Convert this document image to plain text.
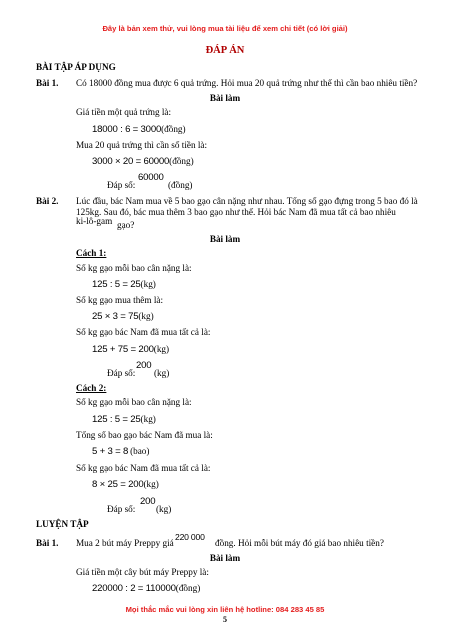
Đây là bản xem thử, vui lòng mua tài liệu để xem chi tiết (có lời giải)
ĐÁP ÁN
BÀI TẬP ÁP DỤNG
Bài 1. Có 18000 đồng mua được 6 quả trứng. Hỏi mua 20 quả trứng như thế thì cần bao nhiêu tiền?
Bài làm
Giá tiền một quả trứng là:
18000 : 6 = 3000(đồng)
Mua 20 quả trứng thì cần số tiền là:
3000 × 20 = 60000(đồng)
Đáp số:
60000
(đồng)
Bài 2. Lúc đầu, bác Nam mua về 5 bao gạo cân nặng như nhau. Tổng số gạo đựng trong 5 bao đó là
125kg. Sau đó, bác mua thêm 3 bao gạo như thế. Hỏi bác Nam đã mua tất cả bao nhiêu
ki-lô-gam gạo?
Bài làm
Cách 1:
Số kg gạo mỗi bao cân nặng là:
125 : 5 = 25(kg)
Số kg gạo mua thêm là:
25 × 3 = 75(kg)
Số kg gạo bác Nam đã mua tất cả là:
125 + 75 = 200(kg)
Đáp số:
200
(kg)
Cách 2:
Số kg gạo mỗi bao cân nặng là:
125 : 5 = 25(kg)
Tổng số bao gạo bác Nam đã mua là:
5 + 3 = 8 (bao)
Số kg gạo bác Nam đã mua tất cả là:
8 × 25 = 200(kg)
Đáp số:
200
(kg)
LUYỆN TẬP
Bài 1. Mua 2 bút máy Preppy giá
220 000
đồng. Hỏi mỗi bút máy đó giá bao nhiêu tiền?
Bài làm
Giá tiền một cây bút máy Preppy là:
220000 : 2 = 110000(đồng)
Mọi thắc mắc vui lòng xin liên hệ hotline: 084 283 45 85
5
